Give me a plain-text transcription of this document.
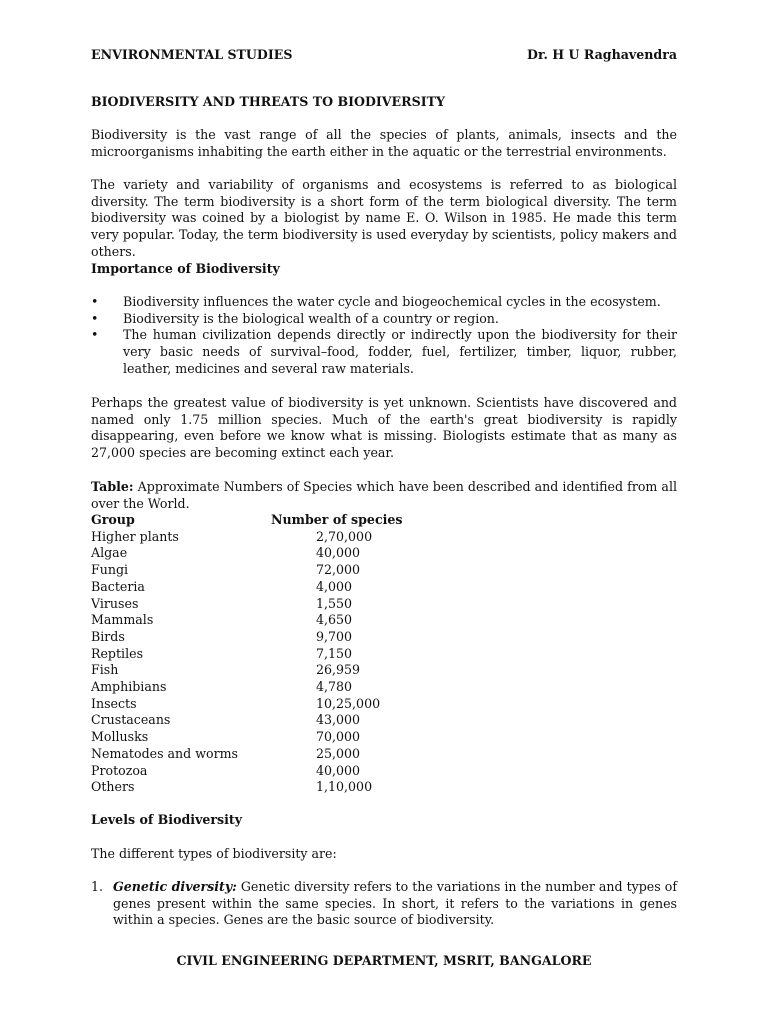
ENVIRONMENTAL STUDIES	Dr. H U Raghavendra
BIODIVERSITY AND THREATS TO BIODIVERSITY

Biodiversity is the vast range of all the species of plants, animals, insects and the microorganisms inhabiting the earth either in the aquatic or the terrestrial environments.

The variety and variability of organisms and ecosystems is referred to as biological diversity. The term biodiversity is a short form of the term biological diversity. The term biodiversity was coined by a biologist by name E. O. Wilson in 1985. He made this term very popular. Today, the term biodiversity is used everyday by scientists, policy makers and others.

Importance of Biodiversity
• Biodiversity influences the water cycle and biogeochemical cycles in the ecosystem.
• Biodiversity is the biological wealth of a country or region.
• The human civilization depends directly or indirectly upon the biodiversity for their very basic needs of survival–food, fodder, fuel, fertilizer, timber, liquor, rubber, leather, medicines and several raw materials.

Perhaps the greatest value of biodiversity is yet unknown. Scientists have discovered and named only 1.75 million species. Much of the earth's great biodiversity is rapidly disappearing, even before we know what is missing. Biologists estimate that as many as 27,000 species are becoming extinct each year.

Table: Approximate Numbers of Species which have been described and identified from all over the World.
Group	Number of species
Higher plants	2,70,000
Algae	40,000
Fungi	72,000
Bacteria	4,000
Viruses	1,550
Mammals	4,650
Birds	9,700
Reptiles	7,150
Fish	26,959
Amphibians	4,780
Insects	10,25,000
Crustaceans	43,000
Mollusks	70,000
Nematodes and worms	25,000
Protozoa	40,000
Others	1,10,000
Levels of Biodiversity
The different types of biodiversity are:
1. Genetic diversity: Genetic diversity refers to the variations in the number and types of genes present within the same species. In short, it refers to the variations in genes within a species. Genes are the basic source of biodiversity.
CIVIL ENGINEERING DEPARTMENT, MSRIT, BANGALORE
